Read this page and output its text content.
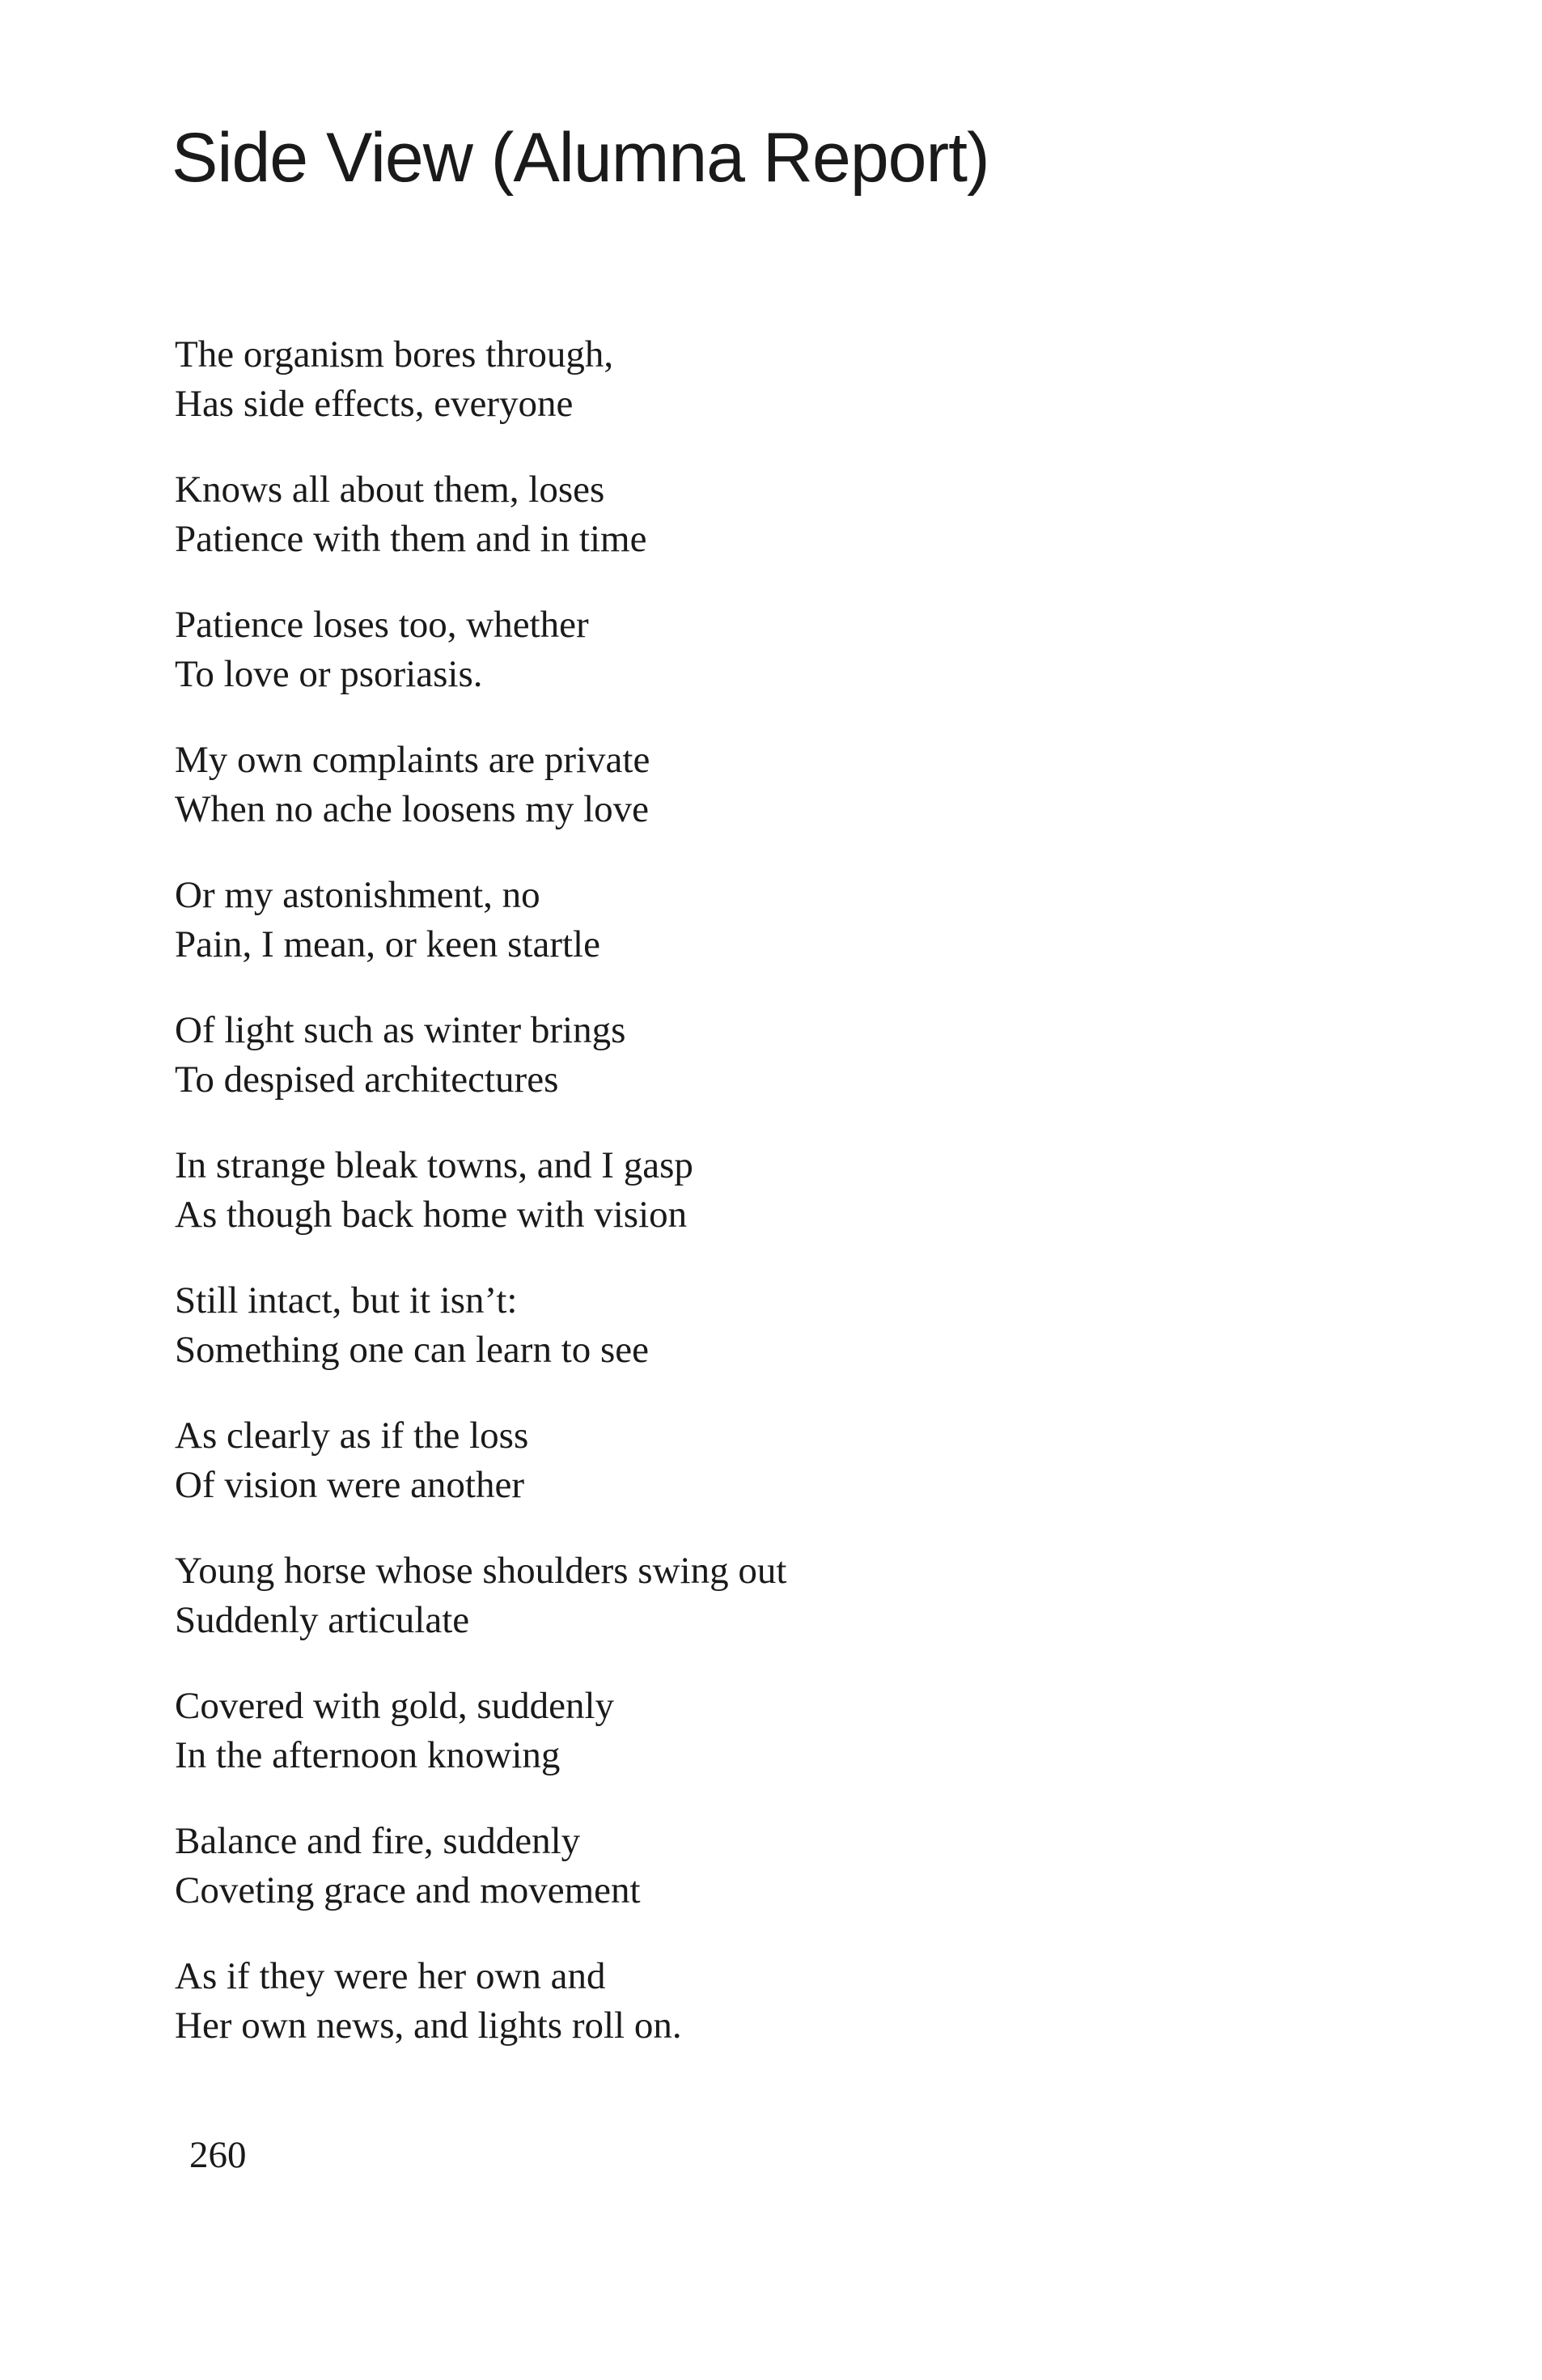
Side View (Alumna Report)

The organism bores through,
Has side effects, everyone

Knows all about them, loses
Patience with them and in time

Patience loses too, whether
To love or psoriasis.

My own complaints are private
When no ache loosens my love

Or my astonishment, no
Pain, I mean, or keen startle

Of light such as winter brings
To despised architectures

In strange bleak towns, and I gasp
As though back home with vision

Still intact, but it isn’t:
Something one can learn to see

As clearly as if the loss
Of vision were another

Young horse whose shoulders swing out
Suddenly articulate

Covered with gold, suddenly
In the afternoon knowing

Balance and fire, suddenly
Coveting grace and movement

As if they were her own and
Her own news, and lights roll on.

260
